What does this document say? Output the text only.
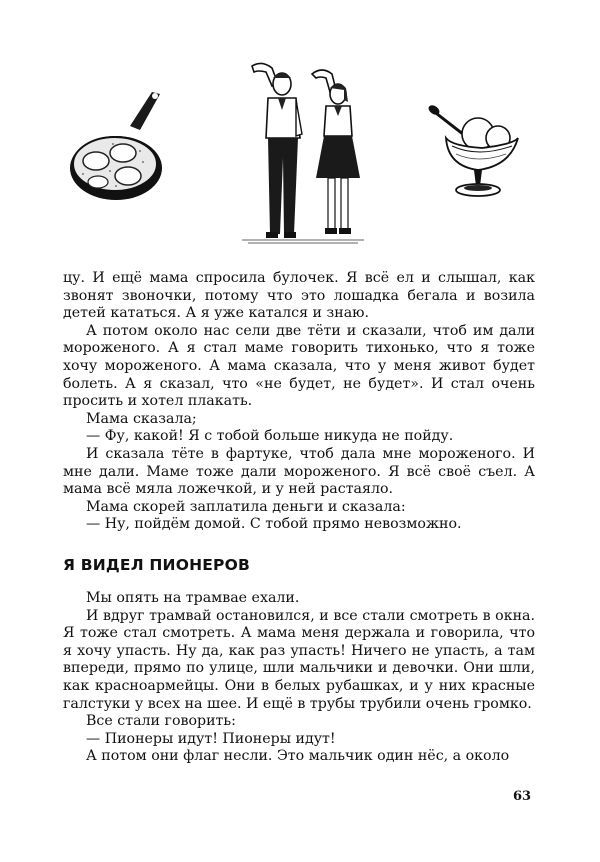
цу. И ещё мама спросила булочек. Я всё ел и слышал, как звонят звоночки, потому что это лошадка бегала и возила детей кататься. А я уже катался и знаю.

А потом около нас сели две тёти и сказали, чтоб им дали мороженого. А я стал маме говорить тихонько, что я тоже хочу мороженого. А мама сказала, что у меня живот будет болеть. А я сказал, что «не будет, не будет». И стал очень просить и хотел плакать.

Мама сказала;

— Фу, какой! Я с тобой больше никуда не пойду.

И сказала тёте в фартуке, чтоб дала мне мороженого. И мне дали. Маме тоже дали мороженого. Я всё своё съел. А мама всё мяла ложечкой, и у ней растаяло.

Мама скорей заплатила деньги и сказала:

— Ну, пойдём домой. С тобой прямо невозможно.

Я ВИДЕЛ ПИОНЕРОВ

Мы опять на трамвае ехали.

И вдруг трамвай остановился, и все стали смотреть в окна. Я тоже стал смотреть. А мама меня держала и говорила, что я хочу упасть. Ну да, как раз упасть! Ничего не упасть, а там впереди, прямо по улице, шли мальчики и девочки. Они шли, как красноармейцы. Они в белых рубашках, и у них красные галстуки у всех на шее. И ещё в трубы трубили очень громко.

Все стали говорить:

— Пионеры идут! Пионеры идут!

А потом они флаг несли. Это мальчик один нёс, а около

63
